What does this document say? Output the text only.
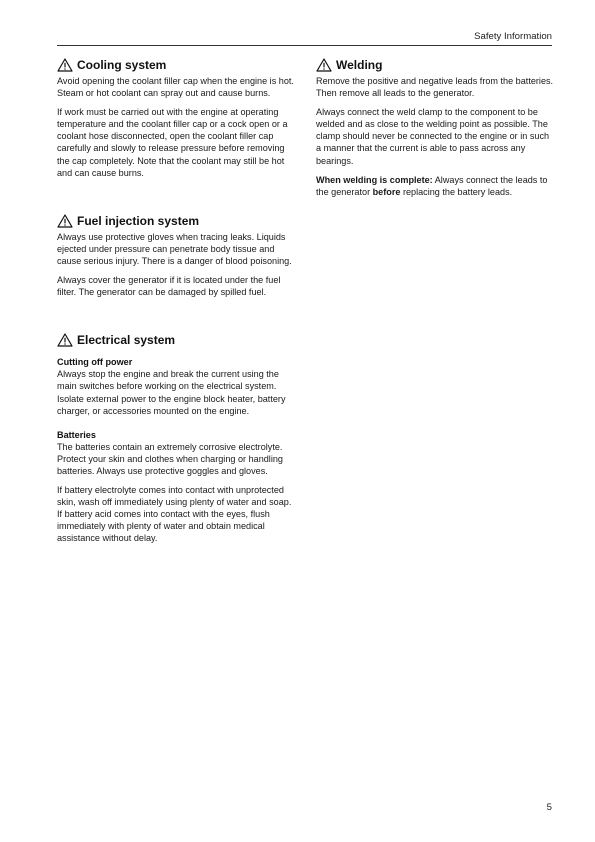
Safety Information
Cooling system

Avoid opening the coolant filler cap when the engine is hot. Steam or hot coolant can spray out and cause burns.

If work must be carried out with the engine at operating temperature and the coolant filler cap or a cock open or a coolant hose disconnected, open the coolant filler cap carefully and slowly to release pressure before removing the cap completely. Note that the coolant may still be hot and can cause burns.

Fuel injection system

Always use protective gloves when tracing leaks. Liquids ejected under pressure can penetrate body tissue and cause serious injury. There is a danger of blood poisoning.

Always cover the generator if it is located under the fuel filter. The generator can be damaged by spilled fuel.

Electrical system
Cutting off power

Always stop the engine and break the current using the main switches before working on the electrical system. Isolate external power to the engine block heater, battery charger, or accessories mounted on the engine.

Batteries

The batteries contain an extremely corrosive electrolyte. Protect your skin and clothes when charging or handling batteries. Always use protective goggles and gloves.

If battery electrolyte comes into contact with unprotected skin, wash off immediately using plenty of water and soap. If battery acid comes into contact with the eyes, flush immediately with plenty of water and obtain medical assistance without delay.

Welding

Remove the positive and negative leads from the batteries. Then remove all leads to the generator.

Always connect the weld clamp to the component to be welded and as close to the welding point as possible. The clamp should never be connected to the engine or in such a manner that the current is able to pass across any bearings.

When welding is complete: Always connect the leads to the generator before replacing the battery leads.

5
